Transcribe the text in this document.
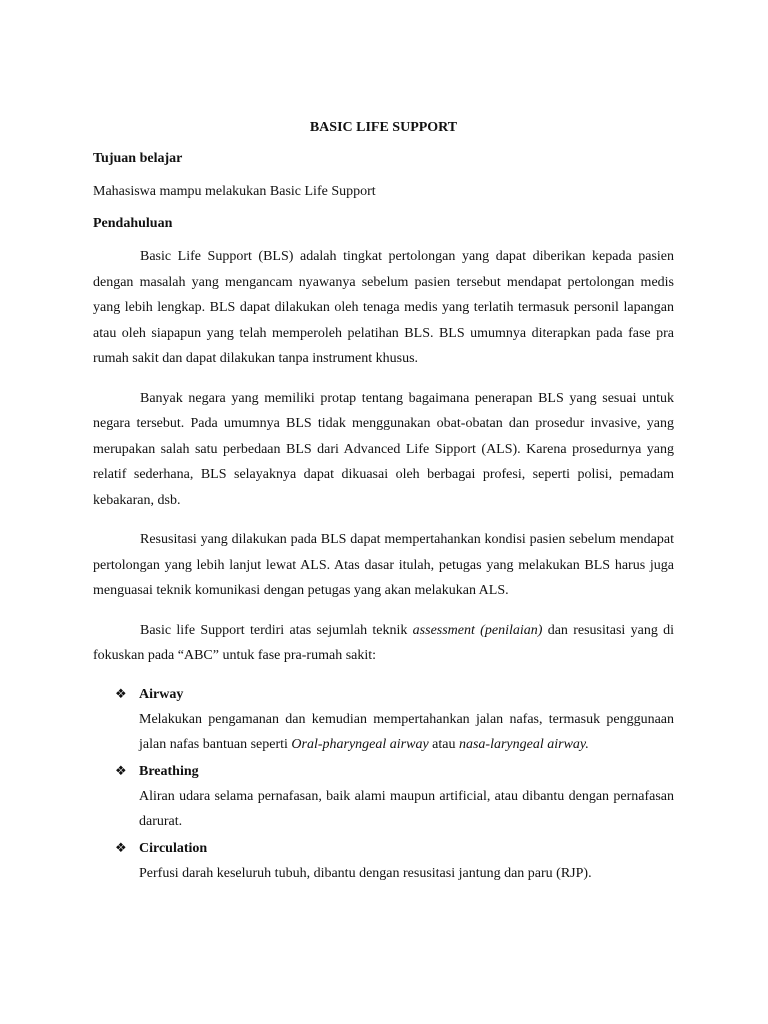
BASIC LIFE SUPPORT
Tujuan belajar

Mahasiswa mampu melakukan Basic Life Support

Pendahuluan

Basic Life Support (BLS) adalah tingkat pertolongan yang dapat diberikan kepada pasien dengan masalah yang mengancam nyawanya sebelum pasien tersebut mendapat pertolongan medis yang lebih lengkap. BLS dapat dilakukan oleh tenaga medis yang terlatih termasuk personil lapangan atau oleh siapapun yang telah memperoleh pelatihan BLS. BLS umumnya diterapkan pada fase pra rumah sakit dan dapat dilakukan tanpa instrument khusus.

Banyak negara yang memiliki protap tentang bagaimana penerapan BLS yang sesuai untuk negara tersebut. Pada umumnya BLS tidak menggunakan obat-obatan dan prosedur invasive, yang merupakan salah satu perbedaan BLS dari Advanced Life Sipport (ALS). Karena prosedurnya yang relatif sederhana, BLS selayaknya dapat dikuasai oleh berbagai profesi, seperti polisi, pemadam kebakaran, dsb.

Resusitasi yang dilakukan pada BLS dapat mempertahankan kondisi pasien sebelum mendapat pertolongan yang lebih lanjut lewat ALS. Atas dasar itulah, petugas yang melakukan BLS harus juga menguasai teknik komunikasi dengan petugas yang akan melakukan ALS.

Basic life Support terdiri atas sejumlah teknik assessment (penilaian) dan resusitasi yang di fokuskan pada “ABC” untuk fase pra-rumah sakit:

❖ Airway
Melakukan pengamanan dan kemudian mempertahankan jalan nafas, termasuk penggunaan jalan nafas bantuan seperti Oral-pharyngeal airway atau nasa-laryngeal airway.
❖ Breathing
Aliran udara selama pernafasan, baik alami maupun artificial, atau dibantu dengan pernafasan darurat.
❖ Circulation
Perfusi darah keseluruh tubuh, dibantu dengan resusitasi jantung dan paru (RJP).
